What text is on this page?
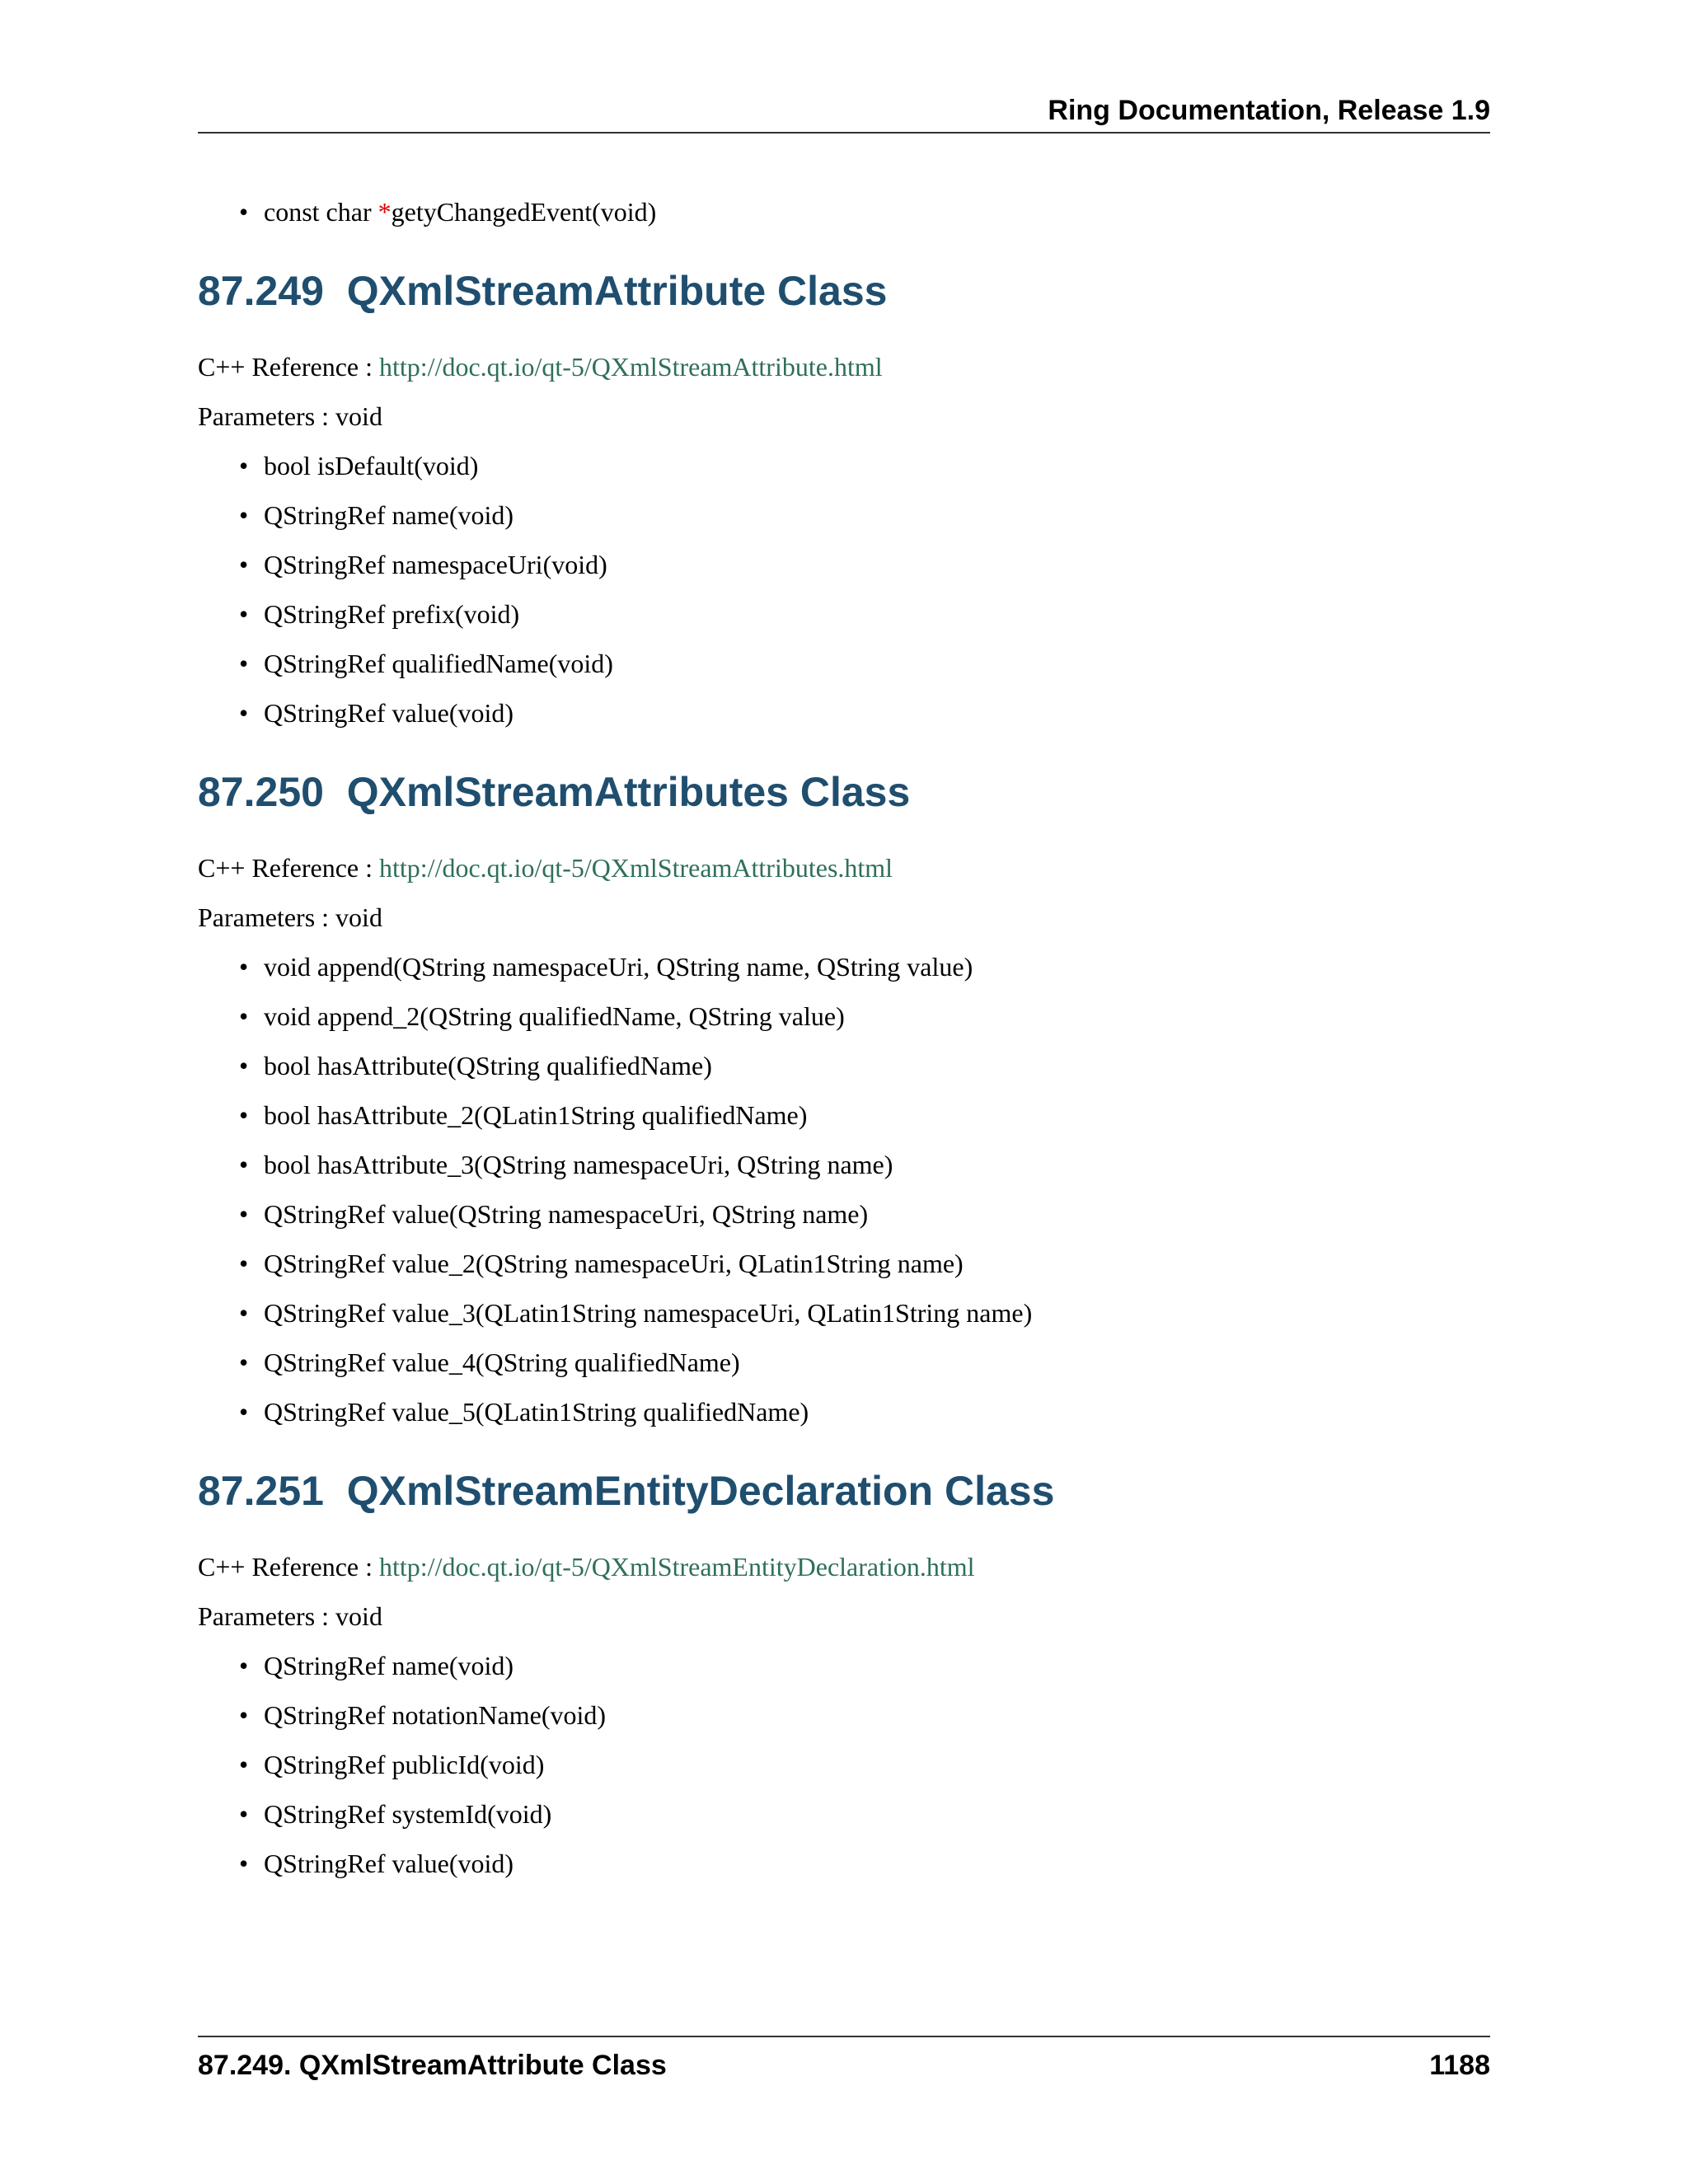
Ring Documentation, Release 1.9
• const char *getyChangedEvent(void)
87.249 QXmlStreamAttribute Class
C++ Reference : http://doc.qt.io/qt-5/QXmlStreamAttribute.html
Parameters : void
• bool isDefault(void)
• QStringRef name(void)
• QStringRef namespaceUri(void)
• QStringRef prefix(void)
• QStringRef qualifiedName(void)
• QStringRef value(void)
87.250 QXmlStreamAttributes Class
C++ Reference : http://doc.qt.io/qt-5/QXmlStreamAttributes.html
Parameters : void
• void append(QString namespaceUri, QString name, QString value)
• void append_2(QString qualifiedName, QString value)
• bool hasAttribute(QString qualifiedName)
• bool hasAttribute_2(QLatin1String qualifiedName)
• bool hasAttribute_3(QString namespaceUri, QString name)
• QStringRef value(QString namespaceUri, QString name)
• QStringRef value_2(QString namespaceUri, QLatin1String name)
• QStringRef value_3(QLatin1String namespaceUri, QLatin1String name)
• QStringRef value_4(QString qualifiedName)
• QStringRef value_5(QLatin1String qualifiedName)
87.251 QXmlStreamEntityDeclaration Class
C++ Reference : http://doc.qt.io/qt-5/QXmlStreamEntityDeclaration.html
Parameters : void
• QStringRef name(void)
• QStringRef notationName(void)
• QStringRef publicId(void)
• QStringRef systemId(void)
• QStringRef value(void)
87.249. QXmlStreamAttribute Class	1188
